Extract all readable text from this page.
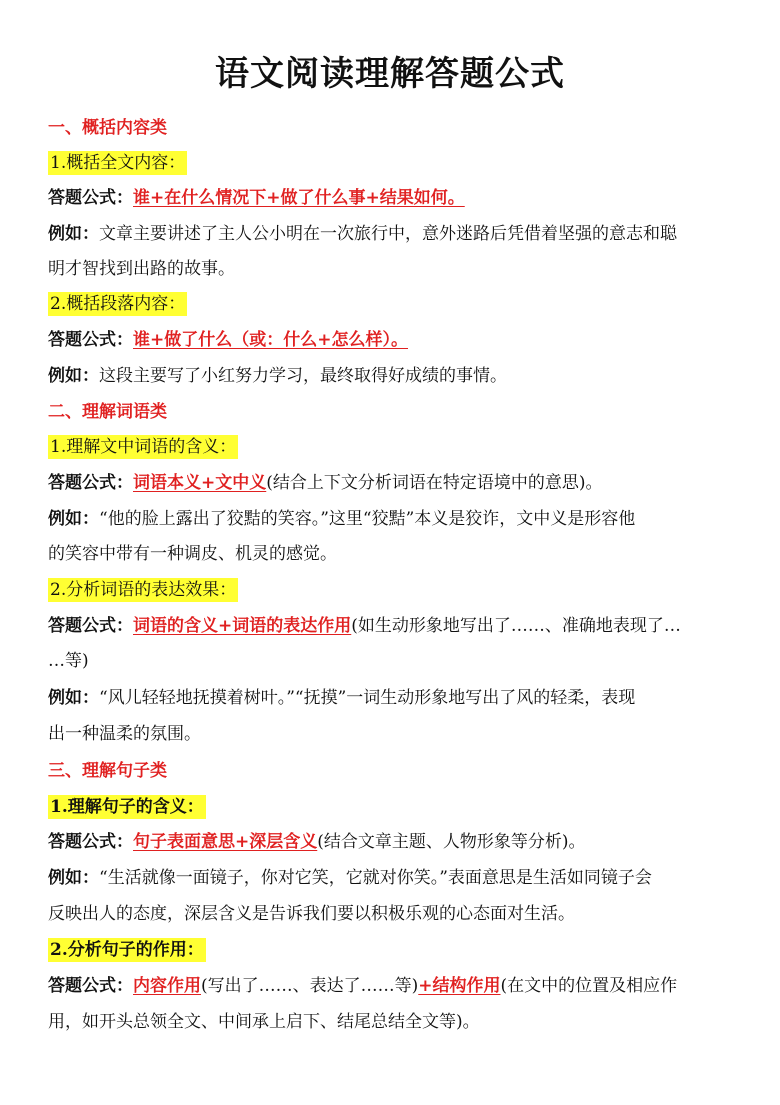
语文阅读理解答题公式
一、概括内容类
1.概括全文内容：
答题公式：谁+在什么情况下+做了什么事+结果如何。
例如：文章主要讲述了主人公小明在一次旅行中，意外迷路后凭借着坚强的意志和聪
明才智找到出路的故事。
2.概括段落内容：
答题公式：谁+做了什么（或：什么+怎么样）。
例如：这段主要写了小红努力学习，最终取得好成绩的事情。
二、理解词语类
1.理解文中词语的含义：
答题公式：词语本义+文中义(结合上下文分析词语在特定语境中的意思)。
例如：“他的脸上露出了狡黠的笑容。”这里“狡黠”本义是狡诈，文中义是形容他
的笑容中带有一种调皮、机灵的感觉。
2.分析词语的表达效果：
答题公式：词语的含义+词语的表达作用(如生动形象地写出了……、准确地表现了…
…等)
例如：“风儿轻轻地抚摸着树叶。”“抚摸”一词生动形象地写出了风的轻柔，表现
出一种温柔的氛围。
三、理解句子类
1.理解句子的含义：
答题公式：句子表面意思+深层含义(结合文章主题、人物形象等分析)。
例如：“生活就像一面镜子，你对它笑，它就对你笑。”表面意思是生活如同镜子会
反映出人的态度，深层含义是告诉我们要以积极乐观的心态面对生活。
2.分析句子的作用：
答题公式：内容作用(写出了……、表达了……等)+结构作用(在文中的位置及相应作
用，如开头总领全文、中间承上启下、结尾总结全文等)。
